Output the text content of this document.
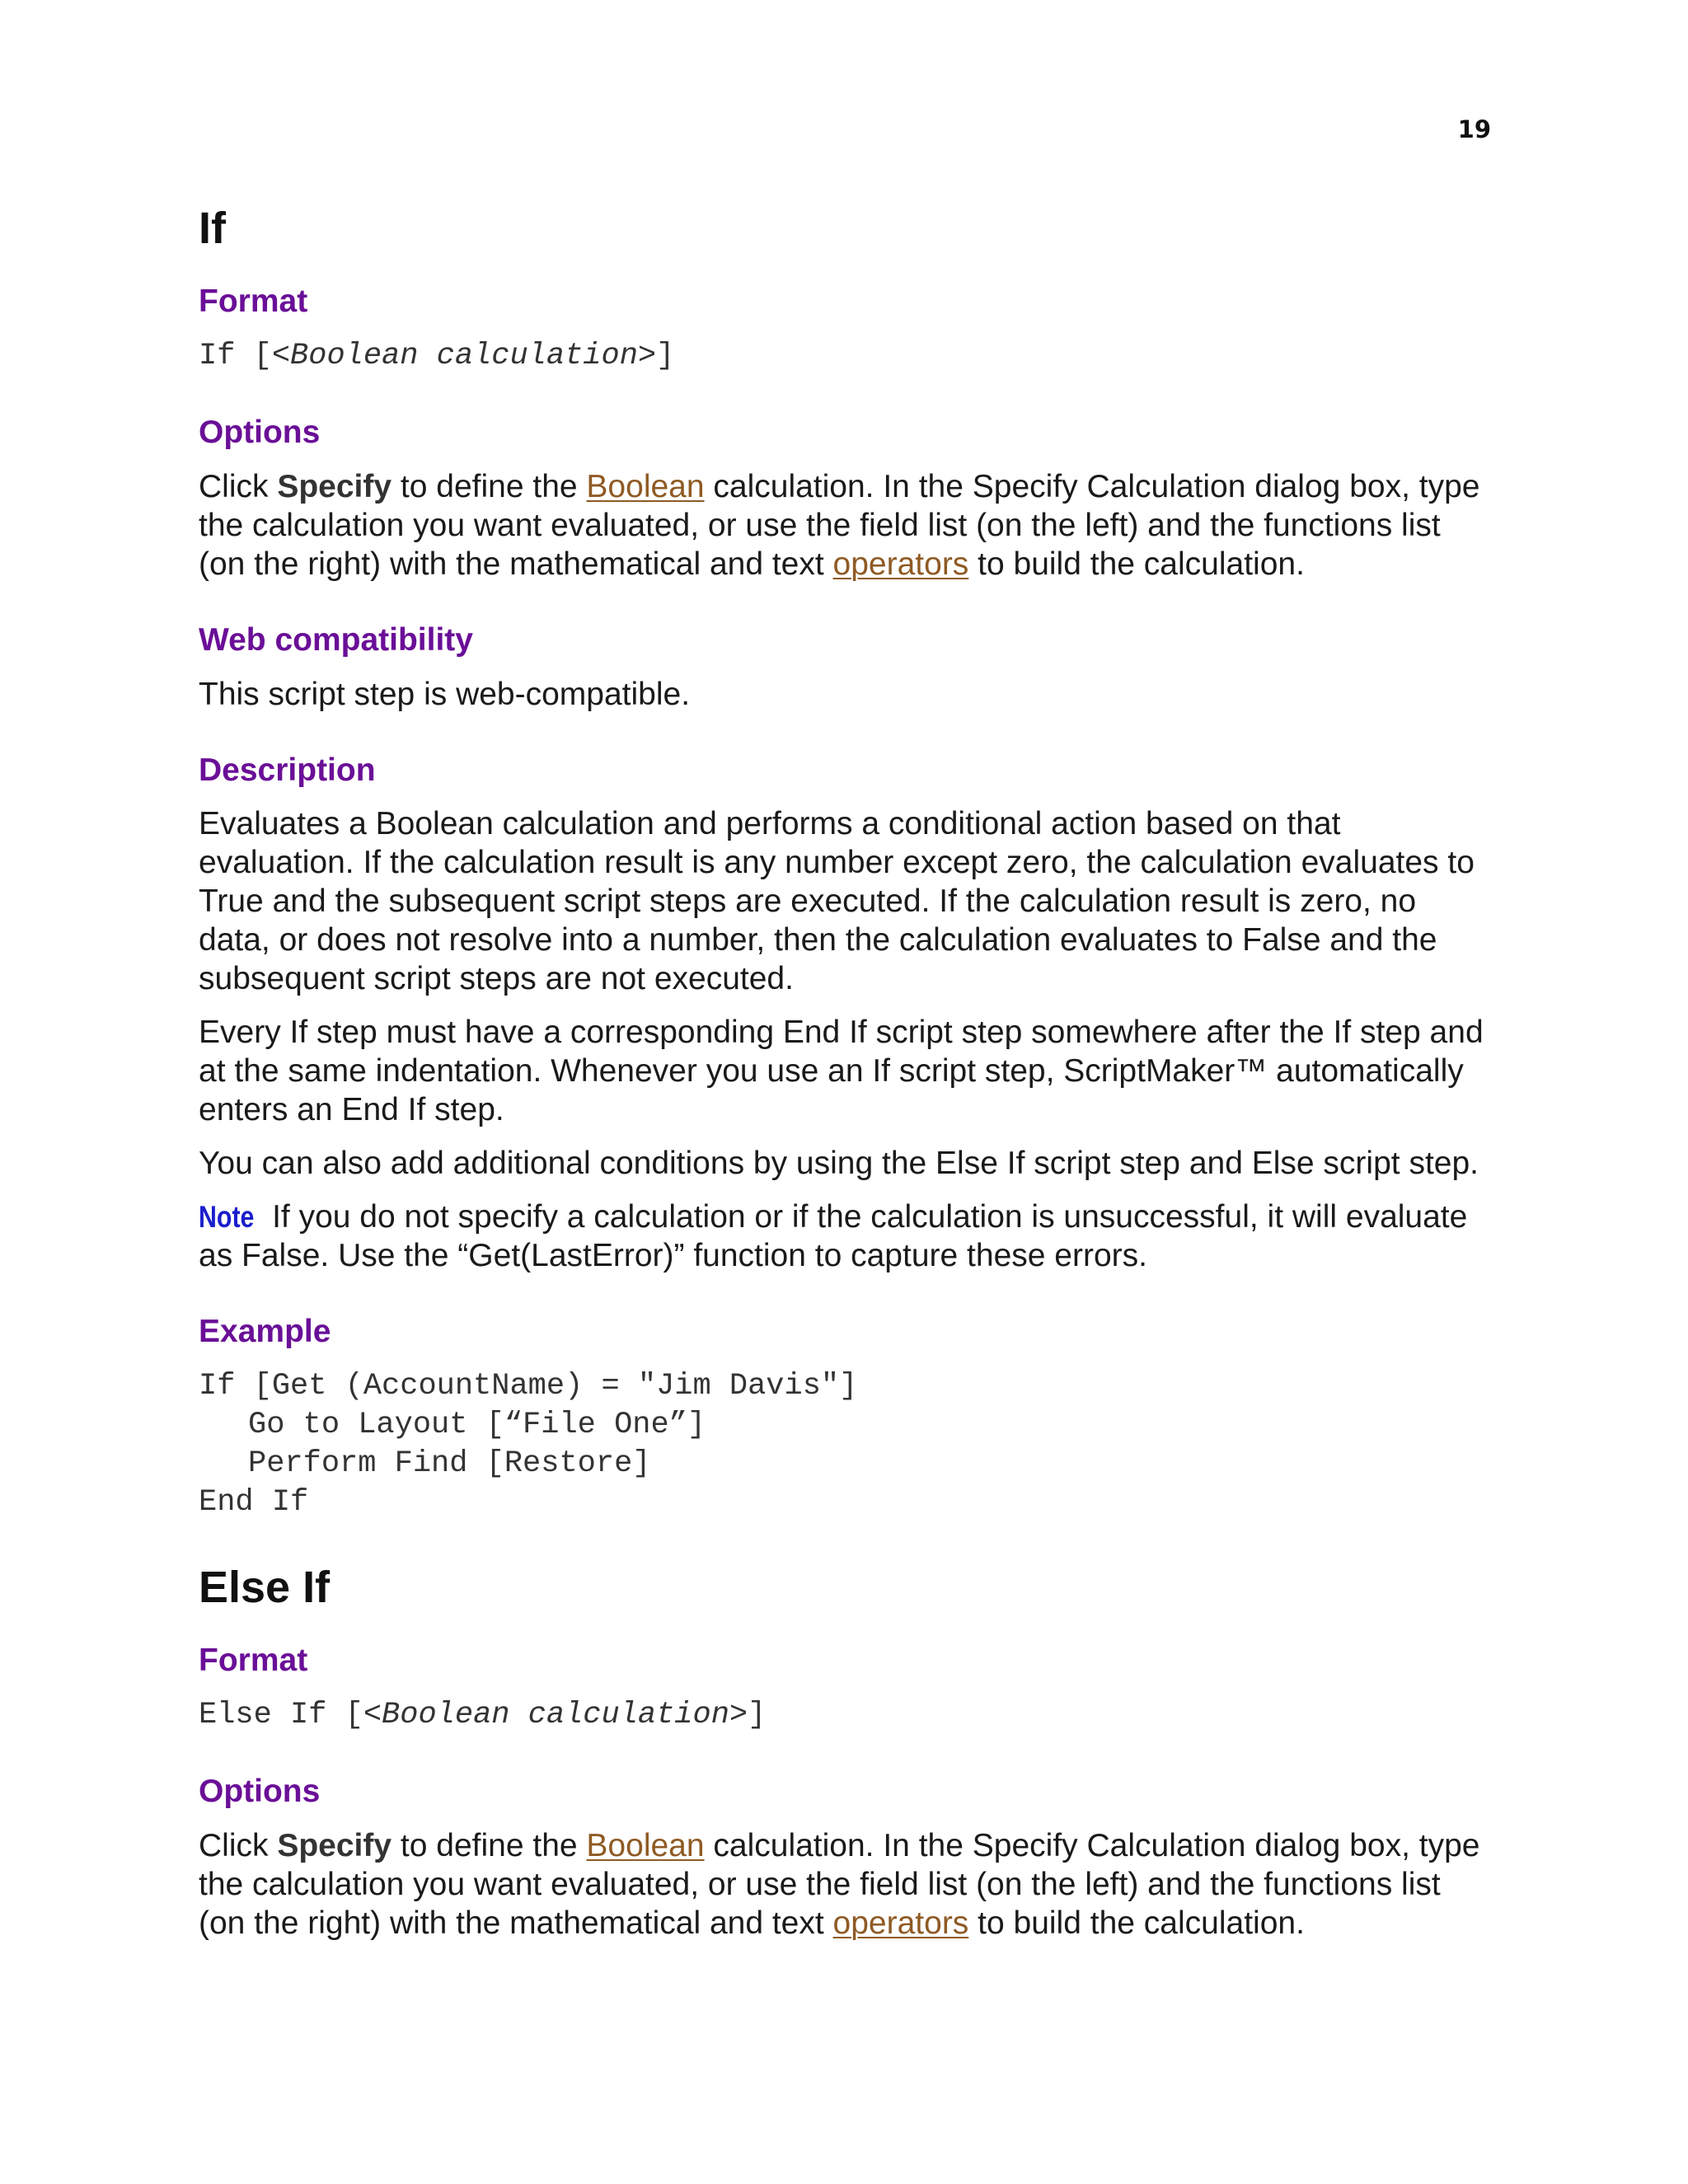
19
If
Format
If [<Boolean calculation>]
Options

Click Specify to define the Boolean calculation. In the Specify Calculation dialog box, type the calculation you want evaluated, or use the field list (on the left) and the functions list (on the right) with the mathematical and text operators to build the calculation.

Web compatibility

This script step is web-compatible.

Description

Evaluates a Boolean calculation and performs a conditional action based on that evaluation. If the calculation result is any number except zero, the calculation evaluates to True and the subsequent script steps are executed. If the calculation result is zero, no data, or does not resolve into a number, then the calculation evaluates to False and the subsequent script steps are not executed.

Every If step must have a corresponding End If script step somewhere after the If step and at the same indentation. Whenever you use an If script step, ScriptMaker™ automatically enters an End If step.

You can also add additional conditions by using the Else If script step and Else script step.

Note If you do not specify a calculation or if the calculation is unsuccessful, it will evaluate as False. Use the “Get(LastError)” function to capture these errors.

Example
If [Get (AccountName) = "Jim Davis"]
Go to Layout [“File One”]
Perform Find [Restore]
End If
Else If
Format
Else If [<Boolean calculation>]
Options

Click Specify to define the Boolean calculation. In the Specify Calculation dialog box, type the calculation you want evaluated, or use the field list (on the left) and the functions list (on the right) with the mathematical and text operators to build the calculation.
